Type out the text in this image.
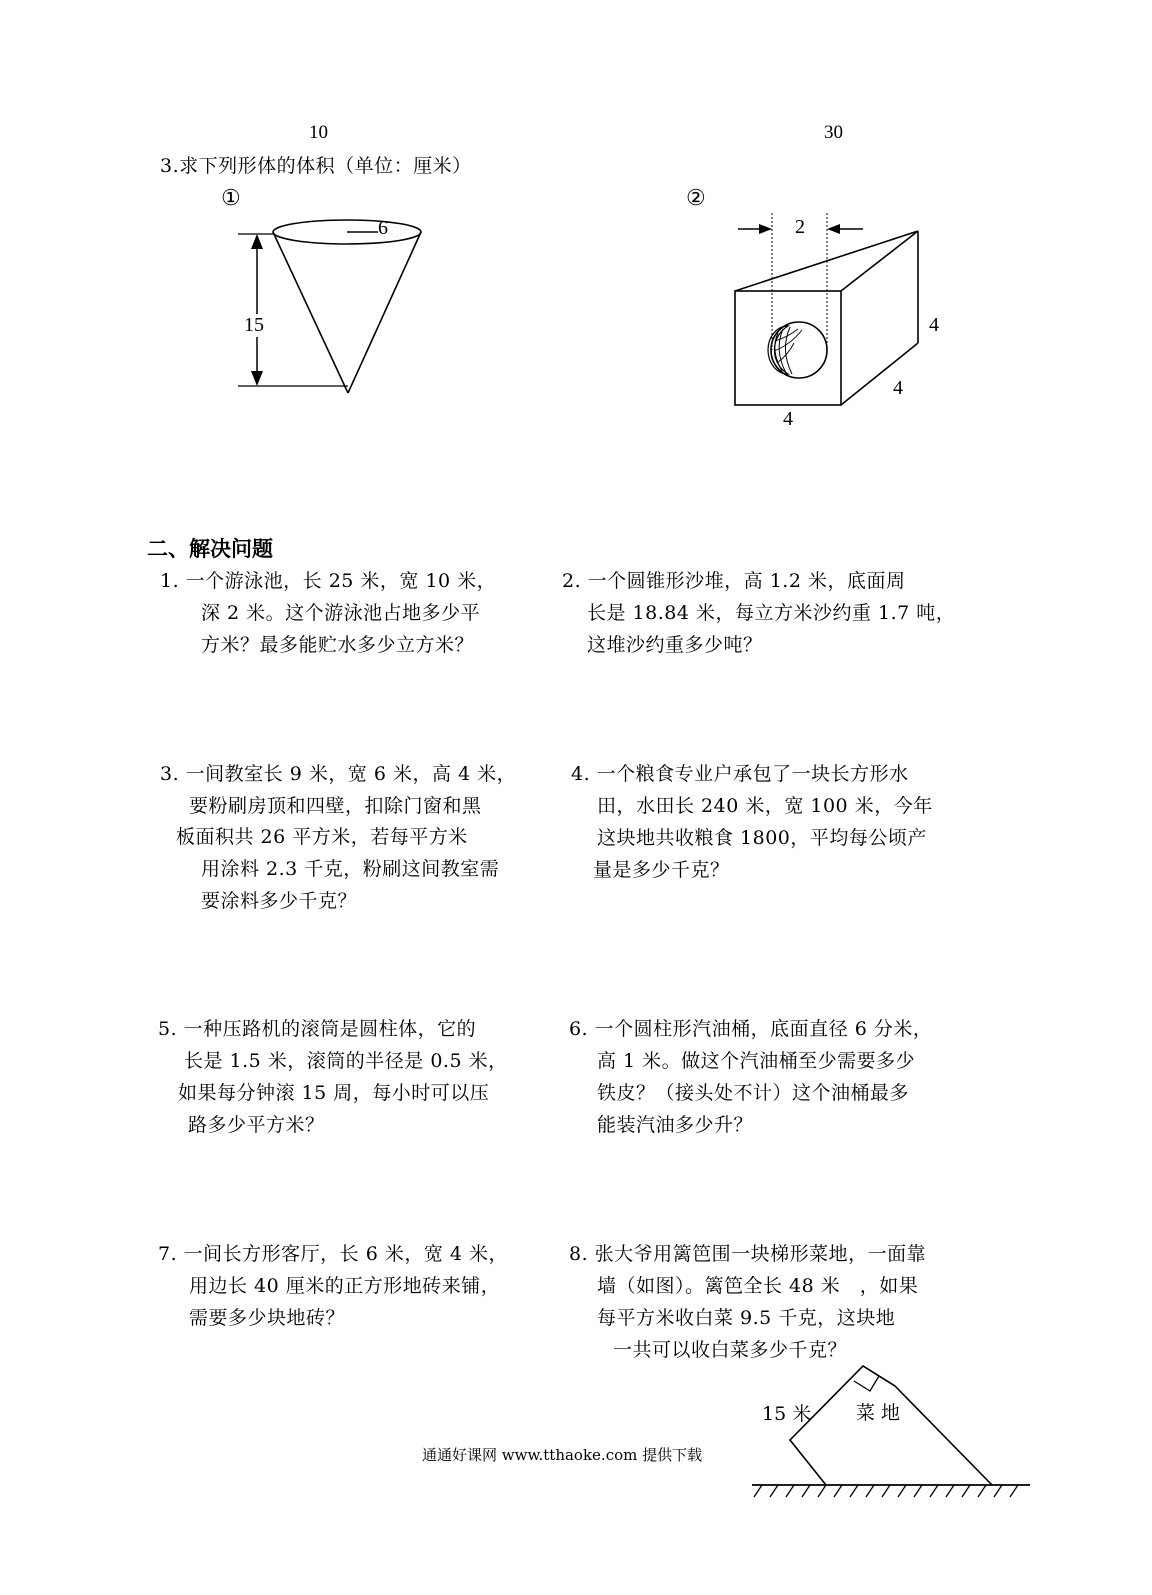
10	30
3.求下列形体的体积（单位：厘米）
①
6
15
②
2
4
4
4
二、解决问题
1. 一个游泳池，长 25 米，宽 10 米，
深 2 米。这个游泳池占地多少平
方米？最多能贮水多少立方米？
2. 一个圆锥形沙堆，高 1.2 米，底面周
长是 18.84 米，每立方米沙约重 1.7 吨，
这堆沙约重多少吨？
3. 一间教室长 9 米，宽 6 米，高 4 米，
要粉刷房顶和四壁，扣除门窗和黑
板面积共 26 平方米，若每平方米
用涂料 2.3 千克，粉刷这间教室需
要涂料多少千克？
4. 一个粮食专业户承包了一块长方形水
田，水田长 240 米，宽 100 米，今年
这块地共收粮食 1800，平均每公顷产
量是多少千克？
5. 一种压路机的滚筒是圆柱体，它的
长是 1.5 米，滚筒的半径是 0.5 米，
如果每分钟滚 15 周，每小时可以压
路多少平方米？
6. 一个圆柱形汽油桶，底面直径 6 分米，
高 1 米。做这个汽油桶至少需要多少
铁皮？（接头处不计）这个油桶最多
能装汽油多少升？
7. 一间长方形客厅，长 6 米，宽 4 米，
用边长 40 厘米的正方形地砖来铺，
需要多少块地砖？
8. 张大爷用篱笆围一块梯形菜地，一面靠
墙（如图）。篱笆全长 48 米　，如果
每平方米收白菜 9.5 千克，这块地
一共可以收白菜多少千克？
15 米 菜 地
通通好课网 www.tthaoke.com 提供下载
